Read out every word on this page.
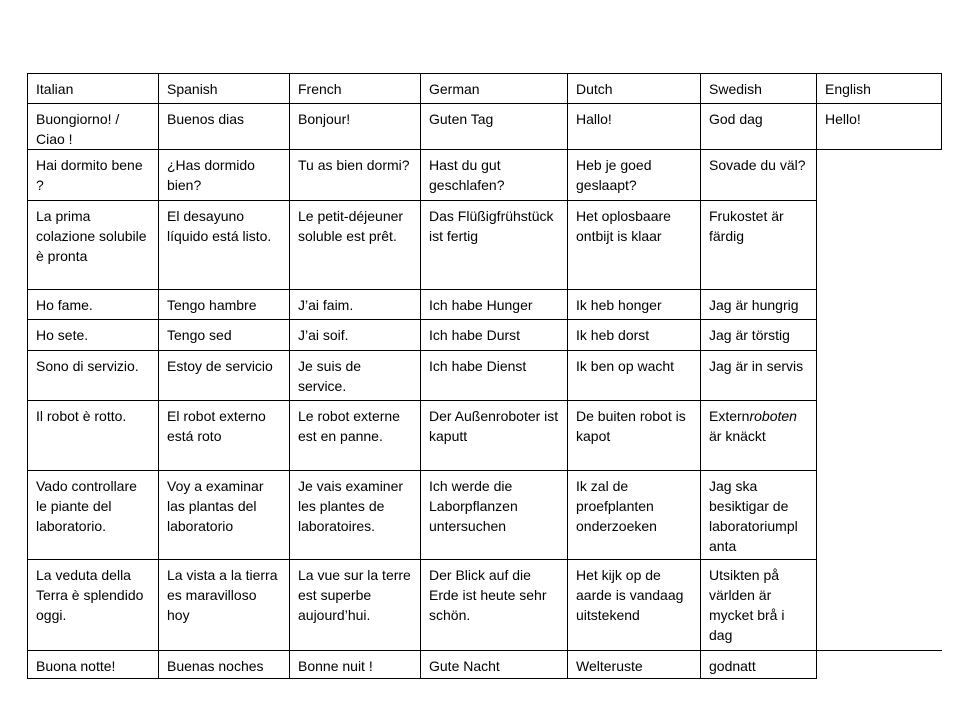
Italian	Spanish	French	German	Dutch	Swedish	English
Buongiorno! / Ciao !	Buenos dias	Bonjour!	Guten Tag	Hallo!	God dag	Hello!
Hai dormito bene ?	¿Has dormido bien?	Tu as bien dormi?	Hast du gut geschlafen?	Heb je goed geslaapt?	Sovade du väl?	
La prima colazione solubile è pronta	El desayuno líquido está listo.	Le petit-déjeuner soluble est prêt.	Das Flüßigfrühstück ist fertig	Het oplosbaare ontbijt is klaar	Frukostet är färdig	
Ho fame.	Tengo hambre	J’ai faim.	Ich habe Hunger	Ik heb honger	Jag är hungrig	
Ho sete.	Tengo sed	J’ai soif.	Ich habe Durst	Ik heb dorst	Jag är törstig	
Sono di servizio.	Estoy de servicio	Je suis de service.	Ich habe Dienst	Ik ben op wacht	Jag är in servis	
Il robot è rotto.	El robot externo está roto	Le robot externe est en panne.	Der Außenroboter ist kaputt	De buiten robot is kapot	Externroboten är knäckt	
Vado controllare le piante del laboratorio.	Voy a examinar las plantas del laboratorio	Je vais examiner les plantes de laboratoires.	Ich werde die Laborpflanzen untersuchen	Ik zal de proefplanten onderzoeken	Jag ska besiktigar de laboratoriumpl anta	
La veduta della Terra è splendido oggi.	La vista a la tierra es maravilloso hoy	La vue sur la terre est superbe aujourd’hui.	Der Blick auf die Erde ist heute sehr schön.	Het kijk op de aarde is vandaag uitstekend	Utsikten på världen är mycket brå i dag	
Buona notte!	Buenas noches	Bonne nuit !	Gute Nacht	Welteruste	godnatt	
